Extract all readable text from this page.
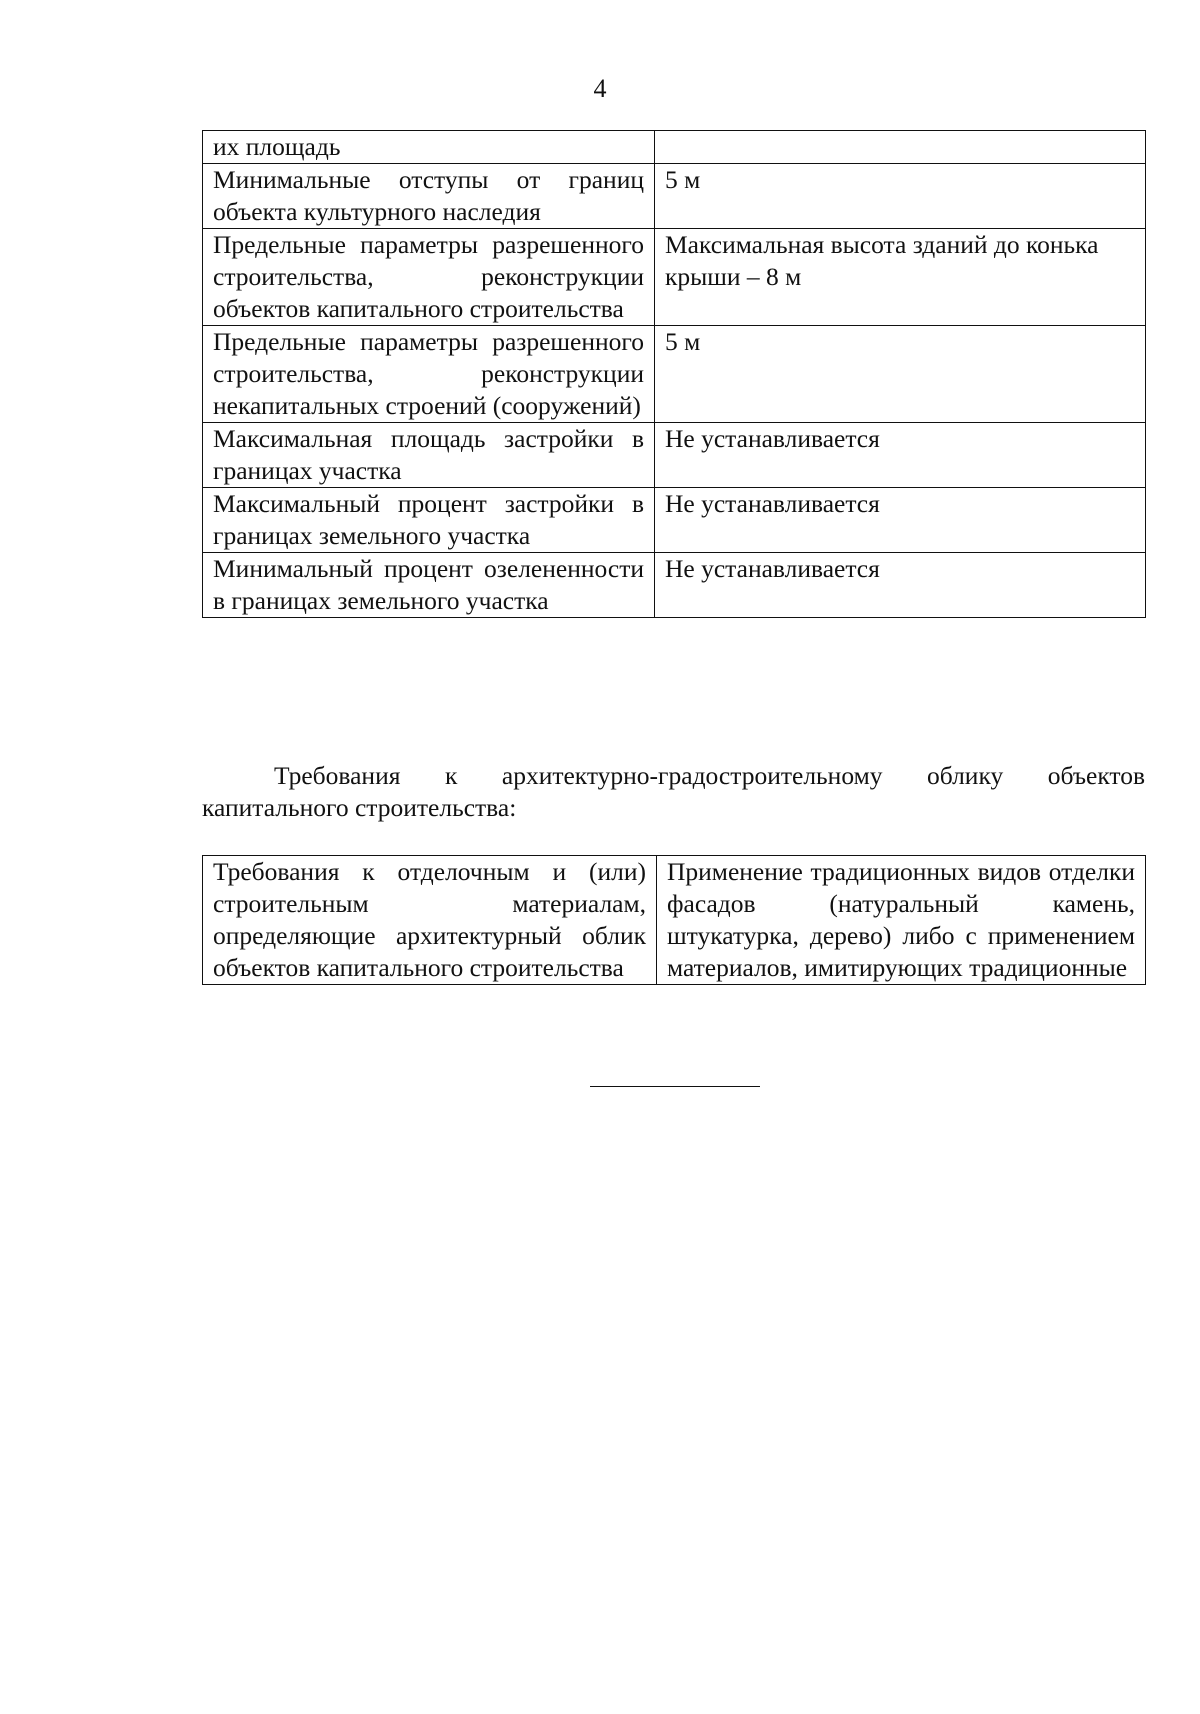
4
их площадь	
Минимальные отступы от границ объекта культурного наследия	5 м
Предельные параметры разрешенного строительства, реконструкции объектов капитального строительства	Максимальная высота зданий до конька крыши – 8 м
Предельные параметры разрешенного строительства, реконструкции некапитальных строений (сооружений)	5 м
Максимальная площадь застройки в границах участка	Не устанавливается
Максимальный процент застройки в границах земельного участка	Не устанавливается
Минимальный процент озелененности в границах земельного участка	Не устанавливается
Требования к архитектурно-градостроительному облику объектов капитального строительства:
Требования к отделочным и (или) строительным материалам, определяющие архитектурный облик объектов капитального строительства	Применение традиционных видов отделки фасадов (натуральный камень, штукатурка, дерево) либо с применением материалов, имитирующих традиционные
